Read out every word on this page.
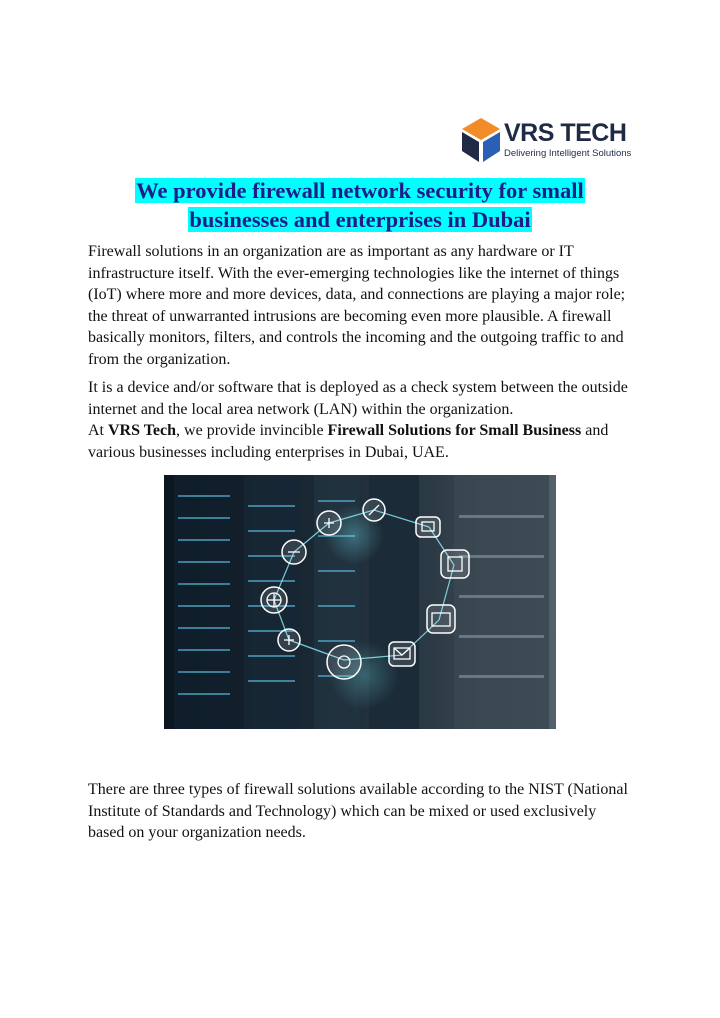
VRS TECH
Delivering Intelligent Solutions
We provide firewall network security for small
businesses and enterprises in Dubai

Firewall solutions in an organization are as important as any hardware or IT infrastructure itself. With the ever-emerging technologies like the internet of things (IoT) where more and more devices, data, and connections are playing a major role; the threat of unwarranted intrusions are becoming even more plausible. A firewall basically monitors, filters, and controls the incoming and the outgoing traffic to and from the organization.

It is a device and/or software that is deployed as a check system between the outside internet and the local area network (LAN) within the organization.
At VRS Tech, we provide invincible Firewall Solutions for Small Business and various businesses including enterprises in Dubai, UAE.

There are three types of firewall solutions available according to the NIST (National Institute of Standards and Technology) which can be mixed or used exclusively based on your organization needs.
